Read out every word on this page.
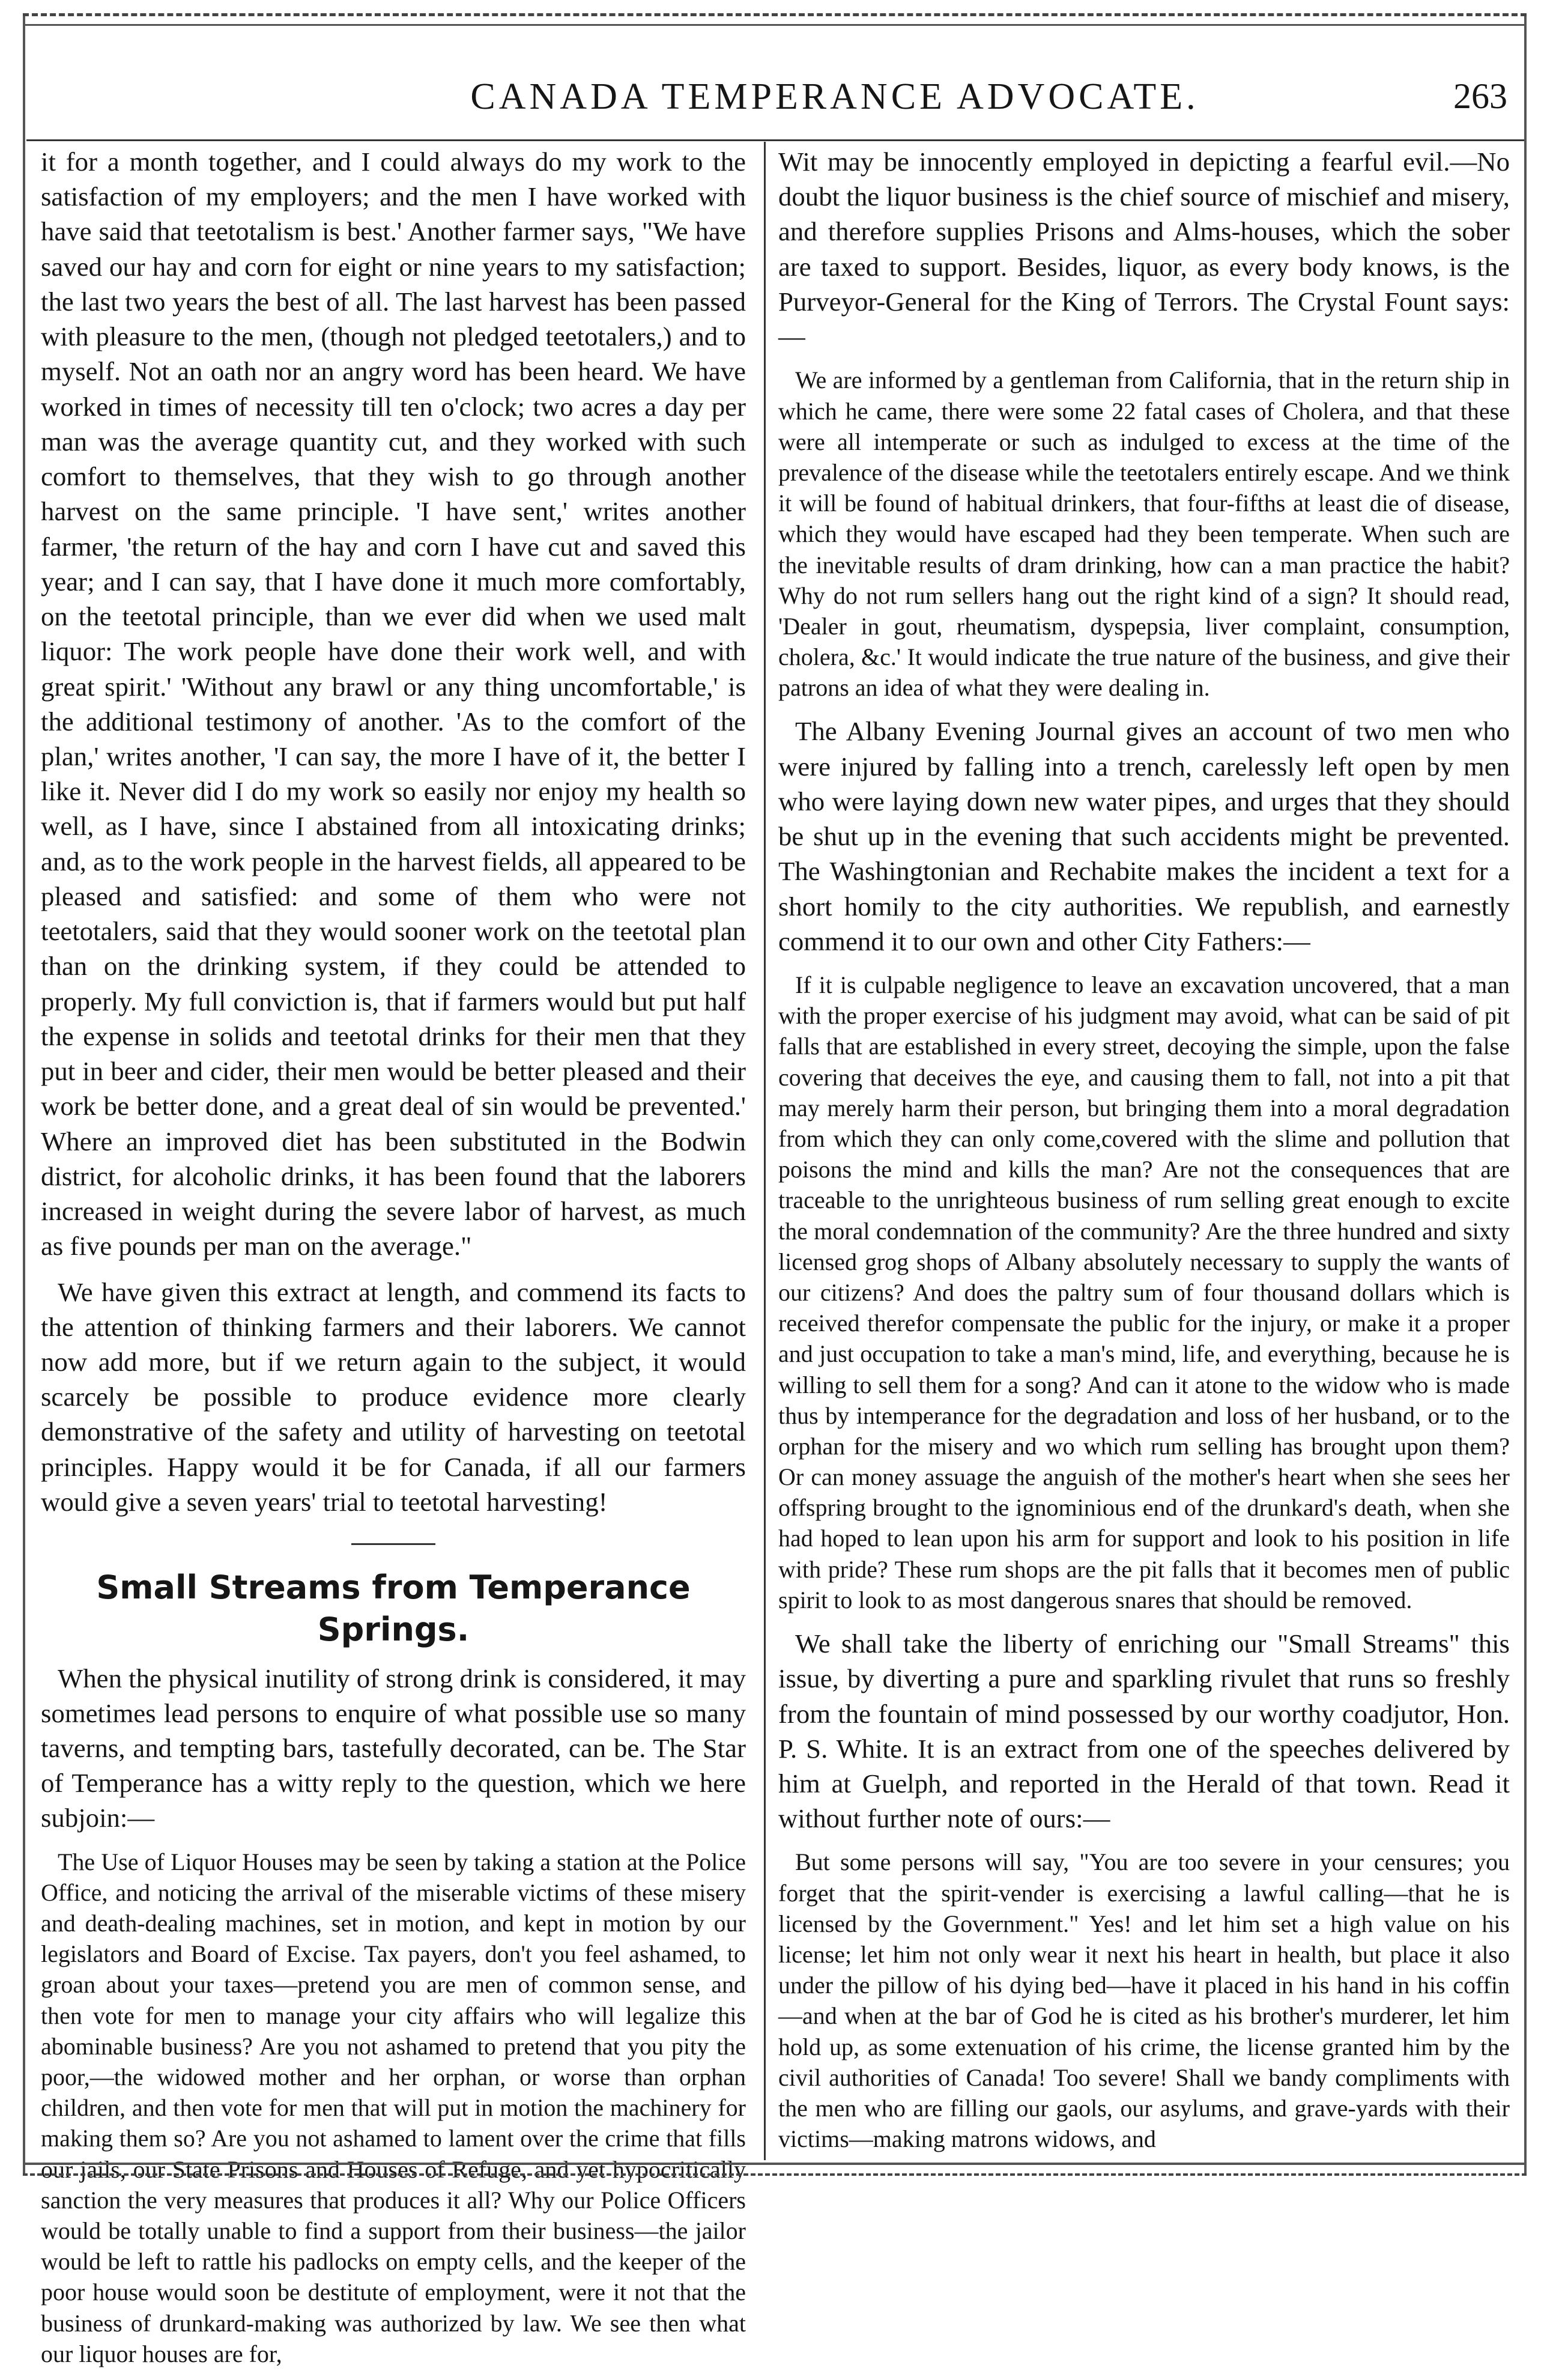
CANADA TEMPERANCE ADVOCATE.	263

it for a month together, and I could always do my work to the satisfaction of my employers; and the men I have worked with have said that teetotalism is best.' Another farmer says, "We have saved our hay and corn for eight or nine years to my satisfaction; the last two years the best of all. The last harvest has been passed with pleasure to the men, (though not pledged teetotalers,) and to myself. Not an oath nor an angry word has been heard. We have worked in times of necessity till ten o'clock; two acres a day per man was the average quantity cut, and they worked with such comfort to themselves, that they wish to go through another harvest on the same principle. 'I have sent,' writes another farmer, 'the return of the hay and corn I have cut and saved this year; and I can say, that I have done it much more comfortably, on the teetotal principle, than we ever did when we used malt liquor: The work people have done their work well, and with great spirit.' 'Without any brawl or any thing uncomfortable,' is the additional testimony of another. 'As to the comfort of the plan,' writes another, 'I can say, the more I have of it, the better I like it. Never did I do my work so easily nor enjoy my health so well, as I have, since I abstained from all intoxicating drinks; and, as to the work people in the harvest fields, all appeared to be pleased and satisfied: and some of them who were not teetotalers, said that they would sooner work on the teetotal plan than on the drinking system, if they could be attended to properly. My full conviction is, that if farmers would but put half the expense in solids and teetotal drinks for their men that they put in beer and cider, their men would be better pleased and their work be better done, and a great deal of sin would be prevented.' Where an improved diet has been substituted in the Bodwin district, for alcoholic drinks, it has been found that the laborers increased in weight during the severe labor of harvest, as much as five pounds per man on the average."

We have given this extract at length, and commend its facts to the attention of thinking farmers and their laborers. We cannot now add more, but if we return again to the subject, it would scarcely be possible to produce evidence more clearly demonstrative of the safety and utility of harvesting on teetotal principles. Happy would it be for Canada, if all our farmers would give a seven years' trial to teetotal harvesting!

Small Streams from Temperance Springs.

When the physical inutility of strong drink is considered, it may sometimes lead persons to enquire of what possible use so many taverns, and tempting bars, tastefully decorated, can be. The Star of Temperance has a witty reply to the question, which we here subjoin:—

The Use of Liquor Houses may be seen by taking a station at the Police Office, and noticing the arrival of the miserable victims of these misery and death-dealing machines, set in motion, and kept in motion by our legislators and Board of Excise. Tax payers, don't you feel ashamed, to groan about your taxes—pretend you are men of common sense, and then vote for men to manage your city affairs who will legalize this abominable business? Are you not ashamed to pretend that you pity the poor,—the widowed mother and her orphan, or worse than orphan children, and then vote for men that will put in motion the machinery for making them so? Are you not ashamed to lament over the crime that fills our jails, our State Prisons and Houses of Refuge, and yet hypocritically sanction the very measures that produces it all? Why our Police Officers would be totally unable to find a support from their business—the jailor would be left to rattle his padlocks on empty cells, and the keeper of the poor house would soon be destitute of employment, were it not that the business of drunkard-making was authorized by law. We see then what our liquor houses are for,

Wit may be innocently employed in depicting a fearful evil.—No doubt the liquor business is the chief source of mischief and misery, and therefore supplies Prisons and Alms-houses, which the sober are taxed to support. Besides, liquor, as every body knows, is the Purveyor-General for the King of Terrors. The Crystal Fount says:—

We are informed by a gentleman from California, that in the return ship in which he came, there were some 22 fatal cases of Cholera, and that these were all intemperate or such as indulged to excess at the time of the prevalence of the disease while the teetotalers entirely escape. And we think it will be found of habitual drinkers, that four-fifths at least die of disease, which they would have escaped had they been temperate. When such are the inevitable results of dram drinking, how can a man practice the habit? Why do not rum sellers hang out the right kind of a sign? It should read, 'Dealer in gout, rheumatism, dyspepsia, liver complaint, consumption, cholera, &c.' It would indicate the true nature of the business, and give their patrons an idea of what they were dealing in.

The Albany Evening Journal gives an account of two men who were injured by falling into a trench, carelessly left open by men who were laying down new water pipes, and urges that they should be shut up in the evening that such accidents might be prevented. The Washingtonian and Rechabite makes the incident a text for a short homily to the city authorities. We republish, and earnestly commend it to our own and other City Fathers:—

If it is culpable negligence to leave an excavation uncovered, that a man with the proper exercise of his judgment may avoid, what can be said of pit falls that are established in every street, decoying the simple, upon the false covering that deceives the eye, and causing them to fall, not into a pit that may merely harm their person, but bringing them into a moral degradation from which they can only come,covered with the slime and pollution that poisons the mind and kills the man? Are not the consequences that are traceable to the unrighteous business of rum selling great enough to excite the moral condemnation of the community? Are the three hundred and sixty licensed grog shops of Albany absolutely necessary to supply the wants of our citizens? And does the paltry sum of four thousand dollars which is received therefor compensate the public for the injury, or make it a proper and just occupation to take a man's mind, life, and everything, because he is willing to sell them for a song? And can it atone to the widow who is made thus by intemperance for the degradation and loss of her husband, or to the orphan for the misery and wo which rum selling has brought upon them? Or can money assuage the anguish of the mother's heart when she sees her offspring brought to the ignominious end of the drunkard's death, when she had hoped to lean upon his arm for support and look to his position in life with pride? These rum shops are the pit falls that it becomes men of public spirit to look to as most dangerous snares that should be removed.

We shall take the liberty of enriching our "Small Streams" this issue, by diverting a pure and sparkling rivulet that runs so freshly from the fountain of mind possessed by our worthy coadjutor, Hon. P. S. White. It is an extract from one of the speeches delivered by him at Guelph, and reported in the Herald of that town. Read it without further note of ours:—

But some persons will say, "You are too severe in your censures; you forget that the spirit-vender is exercising a lawful calling—that he is licensed by the Government." Yes! and let him set a high value on his license; let him not only wear it next his heart in health, but place it also under the pillow of his dying bed—have it placed in his hand in his coffin—and when at the bar of God he is cited as his brother's murderer, let him hold up, as some extenuation of his crime, the license granted him by the civil authorities of Canada! Too severe! Shall we bandy compliments with the men who are filling our gaols, our asylums, and grave-yards with their victims—making matrons widows, and
